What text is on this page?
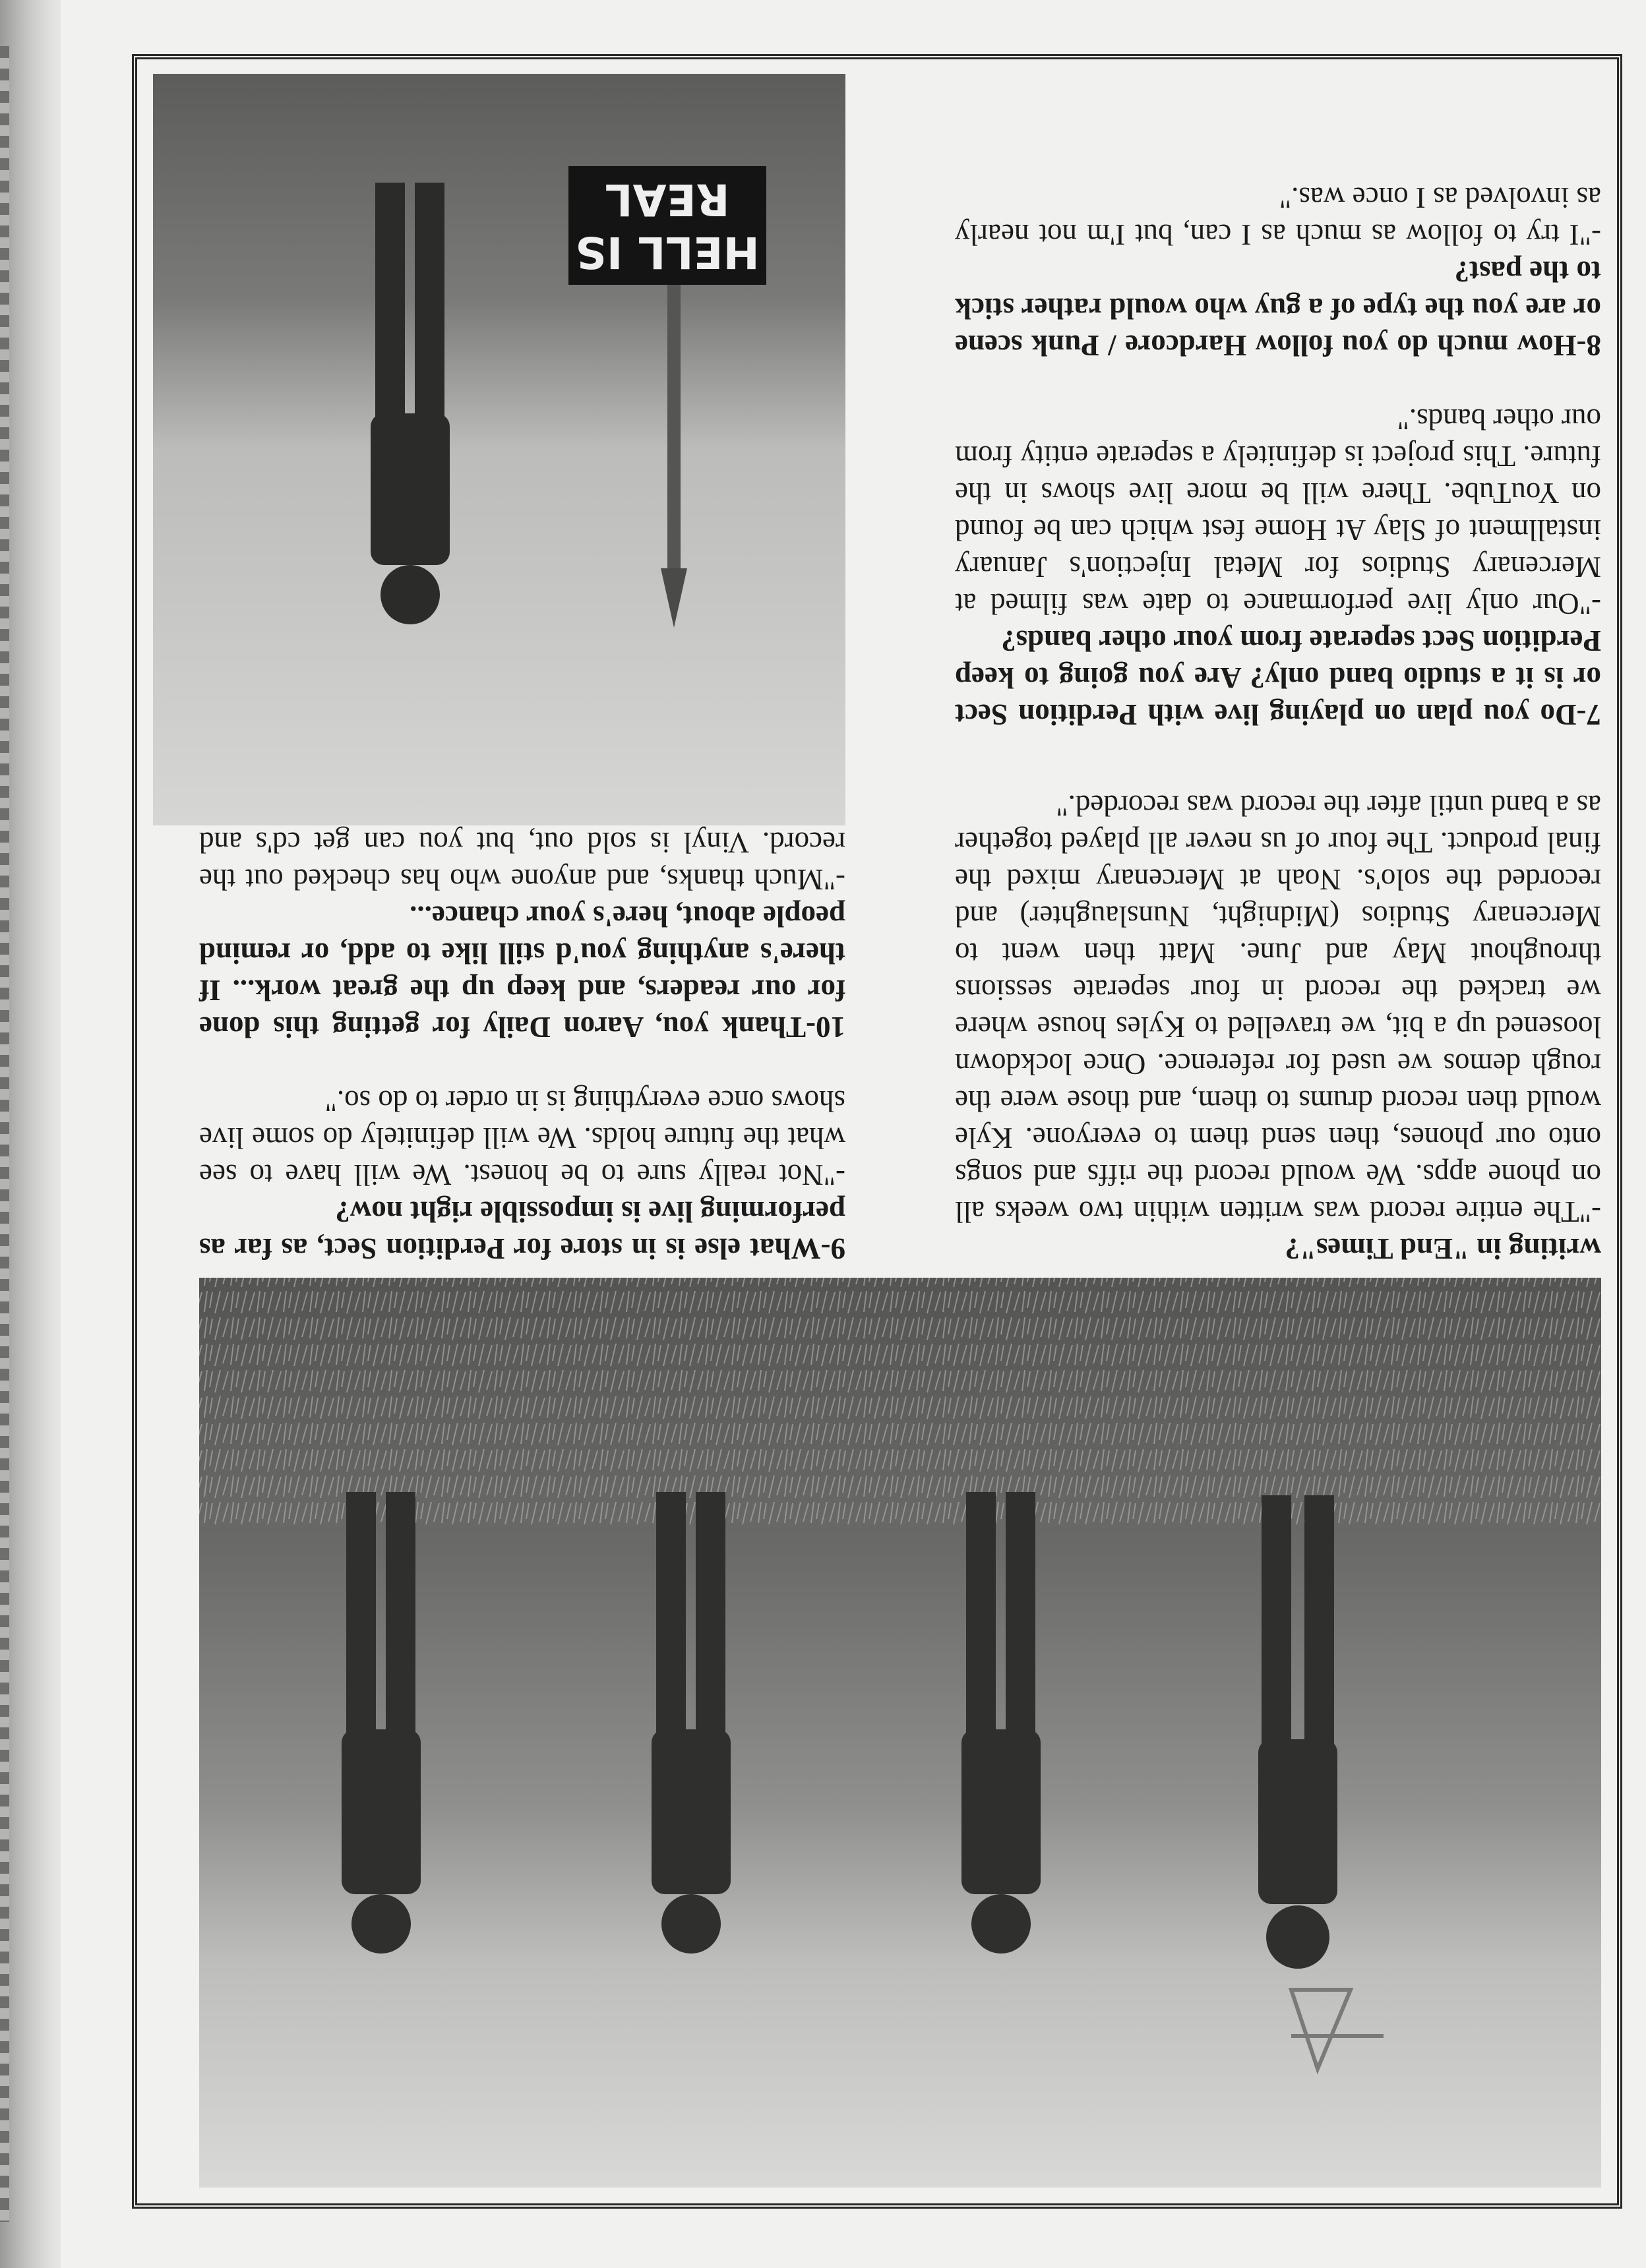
7-Do you plan on playing live with Perdition Sect or is it a studio band only? Are you going to keep Perdition Sect seperate from your other bands?

-"Our only live performance to date was filmed at Mercenary Studios for Metal Injection's January installment of Slay At Home fest which can be found on YouTube. There will be more live shows in the future. This project is definitely a seperate entity from our other bands."

8-How much do you follow Hardcore / Punk scene or are you the type of a guy who would rather stick to the past?

-"I try to follow as much as I can, but I'm not nearly as involved as I once was."

writing in "End Times"?

-"The entire record was written within two weeks all on phone apps. We would record the riffs and songs onto our phones, then send them to everyone. Kyle would then record drums to them, and those were the rough demos we used for reference. Once lockdown loosened up a bit, we travelled to Kyles house where we tracked the record in four seperate sessions throughout May and June. Matt then went to Mercenary Studios (Midnight, Nunslaughter) and recorded the solo's. Noah at Mercenary mixed the final product. The four of us never all played together as a band until after the record was recorded."

9-What else is in store for Perdition Sect, as far as performing live is impossible right now?

-"Not really sure to be honest. We will have to see what the future holds. We will definitely do some live shows once everything is in order to do so."

10-Thank you, Aaron Daily for getting this done for our readers, and keep up the great work... If there's anything you'd still like to add, or remind people about, here's your chance...

-"Much thanks, and anyone who has checked out the record. Vinyl is sold out, but you can get cd's and

HELL IS
REAL
